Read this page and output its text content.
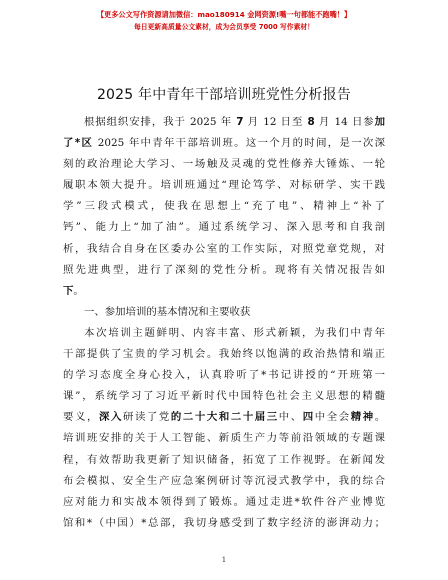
【更多公文写作资源请加微信：mao180914 金网资源!嘴一句都能不跑嘴！】
每日更新高质量公文素材，成为会员享受 7000 写作素材！
2025 年中青年干部培训班党性分析报告
根据组织安排，我于 2025 年 7 月 12 日至 8 月 14 日参加
了*区 2025 年中青年干部培训班。这一个月的时间，是一次深
刻的政治理论大学习、一场触及灵魂的党性修养大锤炼、一轮
履职本领大提升。培训班通过“理论笃学、对标研学、实干践
学”三段式模式，使我在思想上“充了电”、精神上“补了
钙”、能力上“加了油”。通过系统学习、深入思考和自我剖
析，我结合自身在区委办公室的工作实际，对照党章党规，对
照先进典型，进行了深刻的党性分析。现将有关情况报告如
下。
一、参加培训的基本情况和主要收获
本次培训主题鲜明、内容丰富、形式新颖，为我们中青年
干部提供了宝贵的学习机会。我始终以饱满的政治热情和端正
的学习态度全身心投入，认真聆听了*书记讲授的“开班第一
课”，系统学习了习近平新时代中国特色社会主义思想的精髓
要义，深入研读了党的二十大和二十届三中、四中全会精神。
培训班安排的关于人工智能、新质生产力等前沿领域的专题课
程，有效帮助我更新了知识储备，拓宽了工作视野。在新闻发
布会模拟、安全生产应急案例研讨等沉浸式教学中，我的综合
应对能力和实战本领得到了锻炼。通过走进*软件谷产业博览
馆和*（中国）*总部，我切身感受到了数字经济的澎湃动力；
1
